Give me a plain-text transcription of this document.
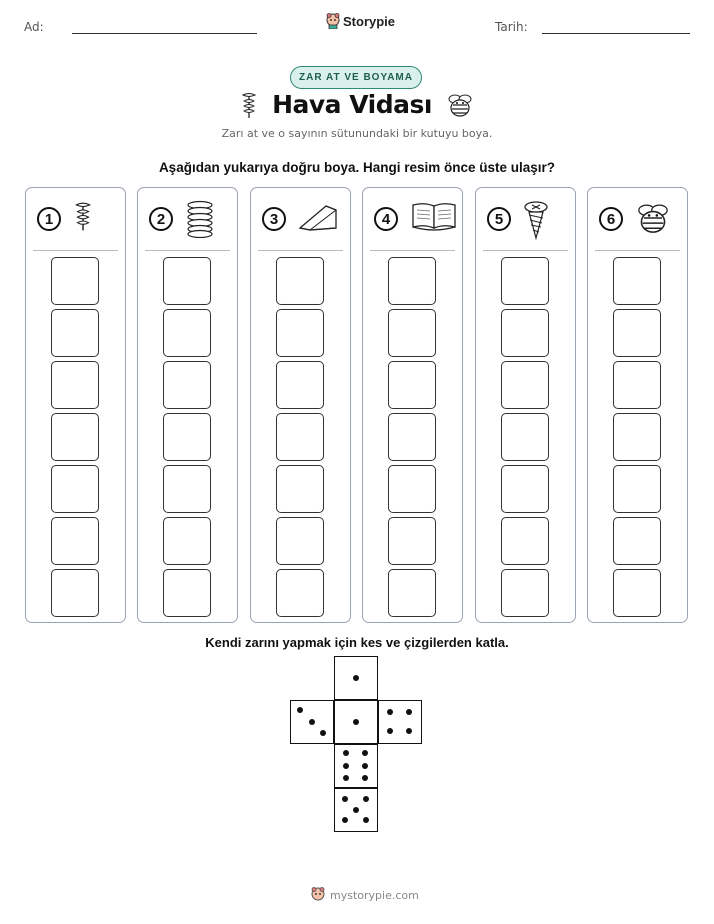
Ad:	Storypie	Tarih:
ZAR AT VE BOYAMA
Hava Vidası
Zarı at ve o sayının sütunundaki bir kutuyu boya.
Aşağıdan yukarıya doğru boya. Hangi resim önce üste ulaşır?
1	2	3	4	5	6
Kendi zarını yapmak için kes ve çizgilerden katla.
mystorypie.com
